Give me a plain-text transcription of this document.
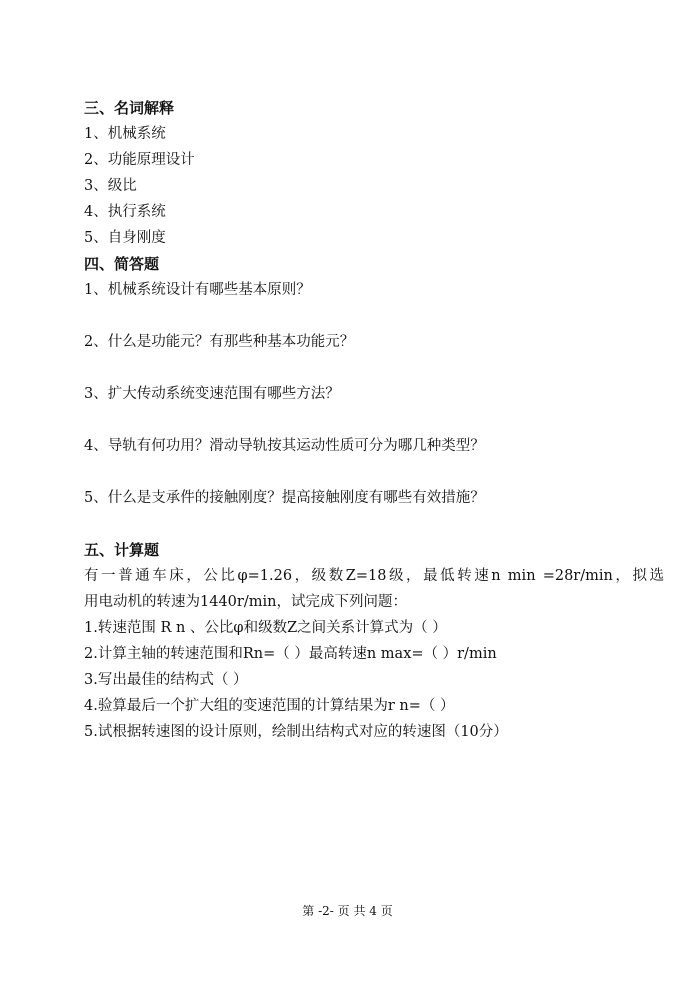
三、名词解释
1、机械系统
2、功能原理设计
3、级比
4、执行系统
5、自身刚度
四、简答题
1、机械系统设计有哪些基本原则？
2、什么是功能元？有那些种基本功能元？
3、扩大传动系统变速范围有哪些方法？
4、导轨有何功用？滑动导轨按其运动性质可分为哪几种类型？
5、什么是支承件的接触刚度？提高接触刚度有哪些有效措施？
五、计算题
有一普通车床，公比φ=1.26，级数Z=18级，最低转速n min =28r/min，拟选
用电动机的转速为1440r/min，试完成下列问题：
1.转速范围 R n 、公比φ和级数Z之间关系计算式为（ ）
2.计算主轴的转速范围和Rn=（ ）最高转速n max=（ ）r/min
3.写出最佳的结构式（ ）
4.验算最后一个扩大组的变速范围的计算结果为r n=（ ）
5.试根据转速图的设计原则，绘制出结构式对应的转速图（10分）
第 -2- 页 共 4 页
